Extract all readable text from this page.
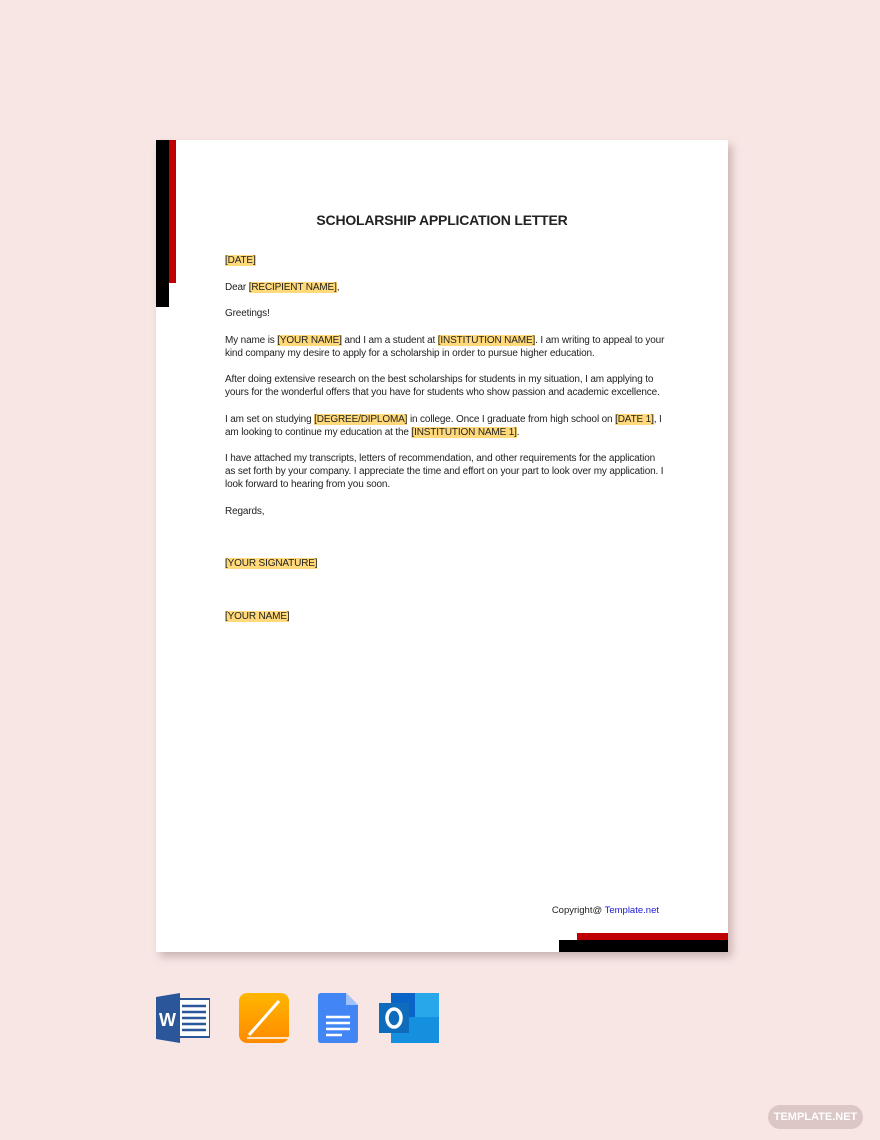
SCHOLARSHIP APPLICATION LETTER

[DATE]

Dear [RECIPIENT NAME],

Greetings!

My name is [YOUR NAME] and I am a student at [INSTITUTION NAME]. I am writing to appeal to your kind company my desire to apply for a scholarship in order to pursue higher education.

After doing extensive research on the best scholarships for students in my situation, I am applying to yours for the wonderful offers that you have for students who show passion and academic excellence.

I am set on studying [DEGREE/DIPLOMA] in college. Once I graduate from high school on [DATE 1], I am looking to continue my education at the [INSTITUTION NAME 1].

I have attached my transcripts, letters of recommendation, and other requirements for the application as set forth by your company. I appreciate the time and effort on your part to look over my application. I look forward to hearing from you soon.

Regards,

[YOUR SIGNATURE]

[YOUR NAME]

Copyright@ Template.net
W
TEMPLATE.NET
